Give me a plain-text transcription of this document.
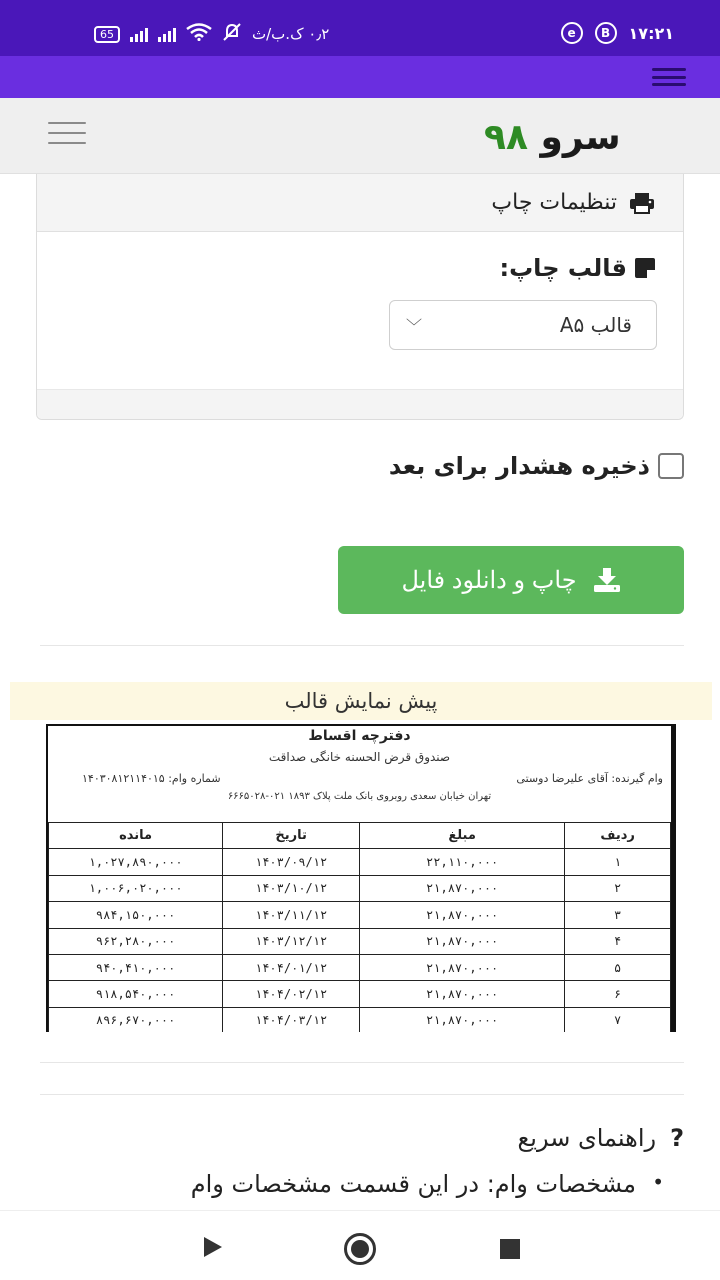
65	۰٫۲ ک.ب/ث	e	B	۱۷:۲۱
سرو ۹۸
تنظیمات چاپ
قالب چاپ:
قالب A۵
﹀
ذخیره هشدار برای بعد
چاپ و دانلود فایل
پیش نمایش قالب
دفترچه اقساط
صندوق قرض الحسنه خانگی صداقت
وام گیرنده: آقای علیرضا دوستی
شماره وام: ۱۴۰۳۰۸۱۲۱۱۴۰۱۵
تهران خیابان سعدی روبروی بانک ملت پلاک ۱۸۹۳ ۰۲۱-۶۶۶۵۰۲۸
ردیف	مبلغ	تاریخ	مانده
۱	۲۲,۱۱۰,۰۰۰	۱۴۰۳/۰۹/۱۲	۱,۰۲۷,۸۹۰,۰۰۰
۲	۲۱,۸۷۰,۰۰۰	۱۴۰۳/۱۰/۱۲	۱,۰۰۶,۰۲۰,۰۰۰
۳	۲۱,۸۷۰,۰۰۰	۱۴۰۳/۱۱/۱۲	۹۸۴,۱۵۰,۰۰۰
۴	۲۱,۸۷۰,۰۰۰	۱۴۰۳/۱۲/۱۲	۹۶۲,۲۸۰,۰۰۰
۵	۲۱,۸۷۰,۰۰۰	۱۴۰۴/۰۱/۱۲	۹۴۰,۴۱۰,۰۰۰
۶	۲۱,۸۷۰,۰۰۰	۱۴۰۴/۰۲/۱۲	۹۱۸,۵۴۰,۰۰۰
۷	۲۱,۸۷۰,۰۰۰	۱۴۰۴/۰۳/۱۲	۸۹۶,۶۷۰,۰۰۰
?
راهنمای سریع
• مشخصات وام: در این قسمت مشخصات وام
